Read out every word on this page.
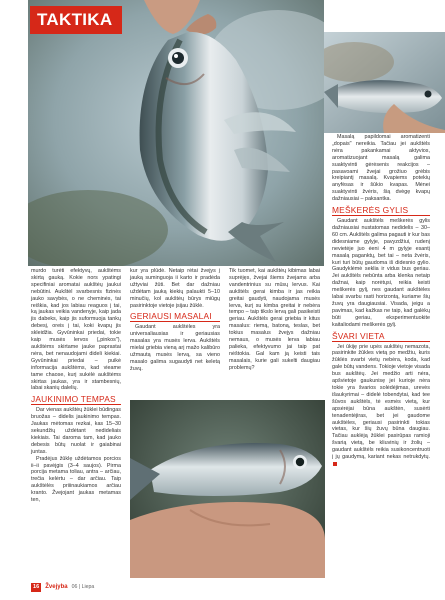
TAKTIKA

murdo turėti efektyvų, aukštėms skirtą gauką. Kokie nors ypatingi specifiniai aromatai aukštėų jaukui nebūtini. Aukštėl svarbesnis fizinės jauko savybės, o ne cheminės, tai reiškia, kad jos labiau reaguos į tai, ką jaukas veikia vandenyje, kaip jada jis dabeks, kaip jis suformuoja tankų debesį, oreis į tai, koki kvapų jis skleidžia. Gyvūninkai priedai, tokie kaip musės lervos („pinkos"), aukštėms skirtame jauke paprastai nėra, bet nenaudojami dideli kiekiai. Gyvūninkai priedai – puikė informacija aukštėms, kad vieame tame chaose, kurį sukėlė aukštėms skirtas jaukas, yra ir stambesnių, labai skanių dalelių.

JAUKINIMO TEMPAS

Dar vienas aukštėų žūklei būdingas bruožas – didelis jaukinimo tempas. Jaukas mėtomas rezkai, kas 15–30 sekundžių uždėtant nedideliais kiekiais. Tai daroma tam, kad jauko debesis būtų nuolat ir gaiabinai juntas.

Pradėjus žūklę uždėtamos porcios ii–ii pavėjgis (3–4 saujos). Pirma porcija metama toliau, antra – arčiau, trečia kelėrtu – dar arčiau. Taip aukštėlės priiinaukiamos arčiau kranto. Žvejojant jaukas metamas ten,

kur yra plūdė. Netaip rėtai žvejys į jauką suminguoja ii karto ir pradėda užtyviai žūti. Bet dar dažniau uždėtam jauką kiekių palaukti 5–10 minučių, kol aukštėų būrys miūgų pasirinktoje vietoje įsijau žūklė.

GERIAUSI MASALAI

Gaudant aukštėles yra universaliausias ir geriausias masalas yra musės lerva. Aukštėls mielai griebia vieną arį mažo kalibūro užmautą musės lervą, sa vieno masalo galima sugaudyti net keletą žuvų.

Tik tuomet, kai aukštėų kibimas labai suprėjęs, žvejai šiems žvejams arba vandentrinius su mūsų lervus. Kai aukštėls gerai kimba ir jas reikia greitai gaudyti, naudojama musės lerva, kurį su kimba greitai ir nebėra tempo – taip tikslo lervą gali pasikeisti geriau. Aukštėls gerai griebia ir kitus masalus: riemą, batoną, teslas, bet tokius masalus žvejys dažniau nemaus, o musės lerva labiau palieka, efektyvumo jai taip pat nėštokia. Gal kam ją keisti tais masalais, kurie gali sukelti daugiau problemų?

Masalą papildomai aromatizenti „dopais" nereikia. Tačiau jei aukštėls nėra pakankamai aktyvios, aromatizuojant masalą galima suaktyvinti gėrėsenis reakcijos – pasavoami žvejai grožiuo grėbis kreipiantį masalą. Kvapiems potekių anyfėsas ir šūkio kvapas. Mėnei suaktyvinti žvėris, šią dvėgę kvapų dažniausiai – paksantka.

MEŠKERĖS GYLIS

Gaudant aukštėls meškerės gylis dažniausiai nustatomas nedidelis – 30–60 cm. Aukštėls galima pagauti ir kur bas didesniame gylyje, pavyzdžiui, rudenį nevietėje juo ėeni 4 m gylyje esantį masalą paganktų, bet tai – neta žvėris, kuri turi būtų gaudoma iš didesnio gylio. Gaudyklėmė seklia ir vidus bus geriau. Jei aukštėls nebūnta arba klenka netaip dažnai, kaip norėtųsi, reikia keisti meškerės gylį, nes gaudant aukštėles labai svarbu rasti horizontą, kuriame šių žuvų yra daugiausiai. Visada, jeigu a pavimas, kad kažkas ne taip, kad galėkų būti geriau, eksperimentuokite kaitaliodami meškerės gylį.

ŠVARI VIETA

Jei ūkiję prie upės aukštėų nemazota, pasirinkite žūkles vietą po medžiu, kuris žūklės svarbi vietų nebėra, koda, kad gale būtų vandens. Tokioje vietoje visada bus aukštėų. Jei medžio arti nėra, apšvietoje gaukunisę jei kurioje nėra tokie yra švarios solėdėjimas, urevės išaukyrimai – didelė tobendytai, kad tee šūvos aukštėls, tė esmės vietą, kur apsėrėjai būna aukštėn, susėrti tenadentėjiras, bet jei gaudome aukštėles, geriausi pasirinkti tokias vietas, kur šių žuvų būna daugiau. Tačiau auklėją žūklei pasirūpas ramioji švarią vietą, be kliuvinių ir žolių – gaudant aukštėls reikia susikoncentruoti į jų gaudymą, kariant nekas netrukdytų.

16	Žvejyba 06 | Liepa
